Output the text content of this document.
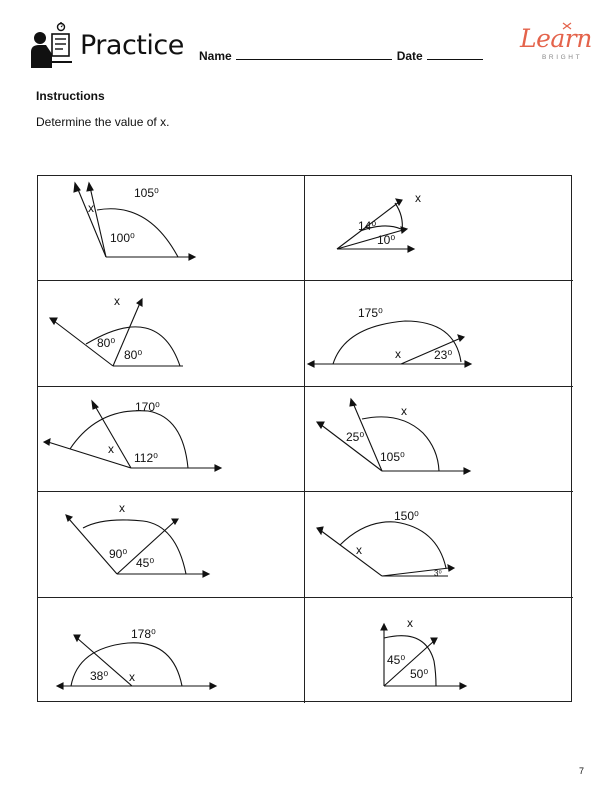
Practice Name	Date
Learn
BRIGHT
Instructions
Determine the value of x.
105⁰
100⁰
x
x
14⁰
10⁰
x
80⁰
80⁰
175⁰
x	23⁰
170⁰
x
112⁰
x
25⁰
105⁰
x
90⁰
45⁰
150⁰
x
3⁰
178⁰
38⁰ x
x
45⁰
50⁰
7
